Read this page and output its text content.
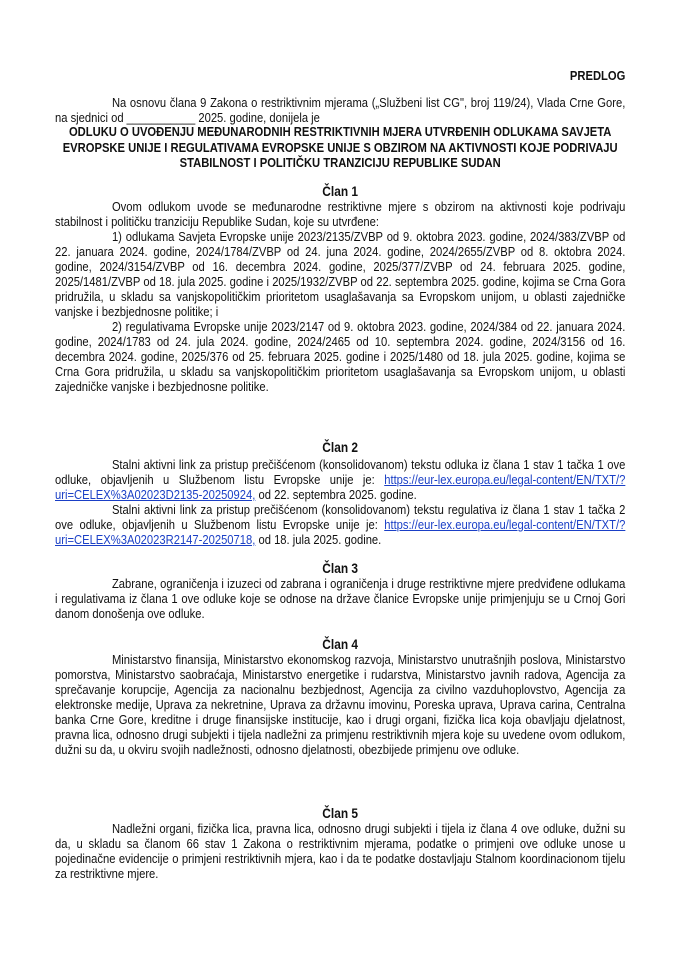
PREDLOG

Na osnovu člana 9 Zakona o restriktivnim mjerama („Službeni list CG", broj 119/24), Vlada Crne Gore, na sjednici od ___________ 2025. godine, donijela je

ODLUKU O UVOĐENJU MEĐUNARODNIH RESTRIKTIVNIH MJERA UTVRĐENIH ODLUKAMA SAVJETA EVROPSKE UNIJE I REGULATIVAMA EVROPSKE UNIJE S OBZIROM NA AKTIVNOSTI KOJE PODRIVAJU STABILNOST I POLITIČKU TRANZICIJU REPUBLIKE SUDAN

Član 1

Ovom odlukom uvode se međunarodne restriktivne mjere s obzirom na aktivnosti koje podrivaju stabilnost i političku tranziciju Republike Sudan, koje su utvrđene:

1) odlukama Savjeta Evropske unije 2023/2135/ZVBP od 9. oktobra 2023. godine, 2024/383/ZVBP od 22. januara 2024. godine, 2024/1784/ZVBP od 24. juna 2024. godine, 2024/2655/ZVBP od 8. oktobra 2024. godine, 2024/3154/ZVBP od 16. decembra 2024. godine, 2025/377/ZVBP od 24. februara 2025. godine, 2025/1481/ZVBP od 18. jula 2025. godine i 2025/1932/ZVBP od 22. septembra 2025. godine, kojima se Crna Gora pridružila, u skladu sa vanjskopolitičkim prioritetom usaglašavanja sa Evropskom unijom, u oblasti zajedničke vanjske i bezbjednosne politike; i

2) regulativama Evropske unije 2023/2147 od 9. oktobra 2023. godine, 2024/384 od 22. januara 2024. godine, 2024/1783 od 24. jula 2024. godine, 2024/2465 od 10. septembra 2024. godine, 2024/3156 od 16. decembra 2024. godine, 2025/376 od 25. februara 2025. godine i 2025/1480 od 18. jula 2025. godine, kojima se Crna Gora pridružila, u skladu sa vanjskopolitičkim prioritetom usaglašavanja sa Evropskom unijom, u oblasti zajedničke vanjske i bezbjednosne politike.

Član 2

Stalni aktivni link za pristup prečišćenom (konsolidovanom) tekstu odluka iz člana 1 stav 1 tačka 1 ove odluke, objavljenih u Službenom listu Evropske unije je: https://eur-lex.europa.eu/legal-content/EN/TXT/?uri=CELEX%3A02023D2135-20250924, od 22. septembra 2025. godine.

Stalni aktivni link za pristup prečišćenom (konsolidovanom) tekstu regulativa iz člana 1 stav 1 tačka 2 ove odluke, objavljenih u Službenom listu Evropske unije je: https://eur-lex.europa.eu/legal-content/EN/TXT/?uri=CELEX%3A02023R2147-20250718, od 18. jula 2025. godine.

Član 3

Zabrane, ograničenja i izuzeci od zabrana i ograničenja i druge restriktivne mjere predviđene odlukama i regulativama iz člana 1 ove odluke koje se odnose na države članice Evropske unije primjenjuju se u Crnoj Gori danom donošenja ove odluke.

Član 4

Ministarstvo finansija, Ministarstvo ekonomskog razvoja, Ministarstvo unutrašnjih poslova, Ministarstvo pomorstva, Ministarstvo saobraćaja, Ministarstvo energetike i rudarstva, Ministarstvo javnih radova, Agencija za sprečavanje korupcije, Agencija za nacionalnu bezbjednost, Agencija za civilno vazduhoplovstvo, Agencija za elektronske medije, Uprava za nekretnine, Uprava za državnu imovinu, Poreska uprava, Uprava carina, Centralna banka Crne Gore, kreditne i druge finansijske institucije, kao i drugi organi, fizička lica koja obavljaju djelatnost, pravna lica, odnosno drugi subjekti i tijela nadležni za primjenu restriktivnih mjera koje su uvedene ovom odlukom, dužni su da, u okviru svojih nadležnosti, odnosno djelatnosti, obezbijede primjenu ove odluke.

Član 5

Nadležni organi, fizička lica, pravna lica, odnosno drugi subjekti i tijela iz člana 4 ove odluke, dužni su da, u skladu sa članom 66 stav 1 Zakona o restriktivnim mjerama, podatke o primjeni ove odluke unose u pojedinačne evidencije o primjeni restriktivnih mjera, kao i da te podatke dostavljaju Stalnom koordinacionom tijelu za restriktivne mjere.
